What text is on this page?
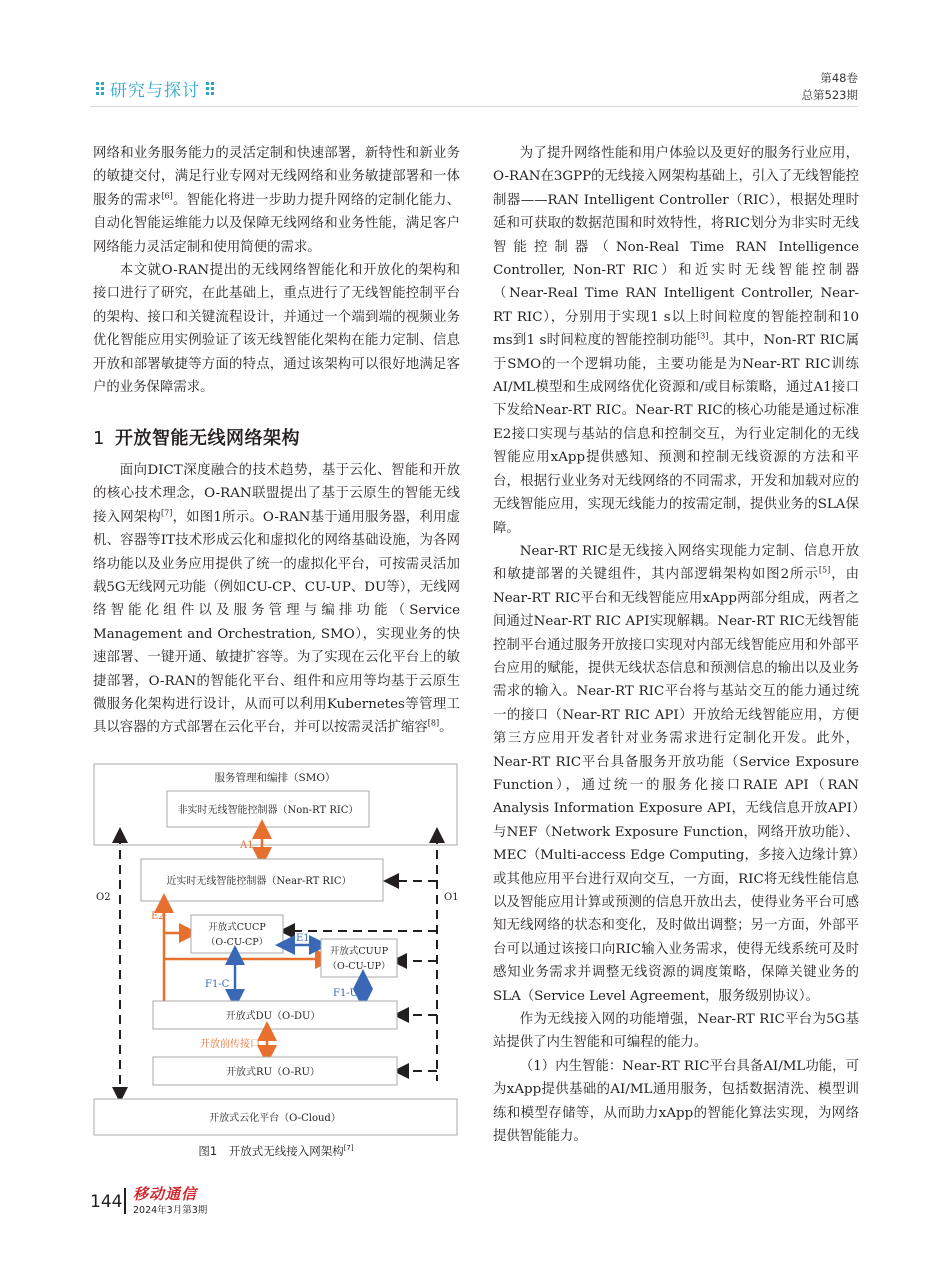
研究与探讨
第48卷
总第523期

网络和业务服务能力的灵活定制和快速部署，新特性和新业务的敏捷交付，满足行业专网对无线网络和业务敏捷部署和一体服务的需求[6]。智能化将进一步助力提升网络的定制化能力、自动化智能运维能力以及保障无线网络和业务性能，满足客户网络能力灵活定制和使用简便的需求。

本文就O-RAN提出的无线网络智能化和开放化的架构和接口进行了研究，在此基础上，重点进行了无线智能控制平台的架构、接口和关键流程设计，并通过一个端到端的视频业务优化智能应用实例验证了该无线智能化架构在能力定制、信息开放和部署敏捷等方面的特点，通过该架构可以很好地满足客户的业务保障需求。

1 开放智能无线网络架构

面向DICT深度融合的技术趋势，基于云化、智能和开放的核心技术理念，O-RAN联盟提出了基于云原生的智能无线接入网架构[7]，如图1所示。O-RAN基于通用服务器，利用虚机、容器等IT技术形成云化和虚拟化的网络基础设施，为各网络功能以及业务应用提供了统一的虚拟化平台，可按需灵活加载5G无线网元功能（例如CU-CP、CU-UP、DU等），无线网络智能化组件以及服务管理与编排功能（Service Management and Orchestration, SMO），实现业务的快速部署、一键开通、敏捷扩容等。为了实现在云化平台上的敏捷部署，O-RAN的智能化平台、组件和应用等均基于云原生微服务化架构进行设计，从而可以利用Kubernetes等管理工具以容器的方式部署在云化平台，并可以按需灵活扩缩容[8]。

服务管理和编排（SMO）
非实时无线智能控制器（Non-RT RIC）
A1
近实时无线智能控制器（Near-RT RIC）
O2	O1
E2
开放式CUCP
（O-CU-CP）	E1
开放式CUUP
（O-CU-UP）
F1-C
F1-U
开放式DU（O-DU）
开放前传接口
开放式RU（O-RU）
开放式云化平台（O-Cloud）
图1　开放式无线接入网架构[7]

为了提升网络性能和用户体验以及更好的服务行业应用，O-RAN在3GPP的无线接入网架构基础上，引入了无线智能控制器——RAN Intelligent Controller（RIC），根据处理时延和可获取的数据范围和时效特性，将RIC划分为非实时无线智能控制器（Non-Real Time RAN Intelligence Controller, Non-RT RIC）和近实时无线智能控制器（Near-Real Time RAN Intelligent Controller, Near-RT RIC），分别用于实现1 s以上时间粒度的智能控制和10 ms到1 s时间粒度的智能控制功能[3]。其中，Non-RT RIC属于SMO的一个逻辑功能，主要功能是为Near-RT RIC训练AI/ML模型和生成网络优化资源和/或目标策略，通过A1接口下发给Near-RT RIC。Near-RT RIC的核心功能是通过标准E2接口实现与基站的信息和控制交互，为行业定制化的无线智能应用xApp提供感知、预测和控制无线资源的方法和平台，根据行业业务对无线网络的不同需求，开发和加载对应的无线智能应用，实现无线能力的按需定制，提供业务的SLA保障。

Near-RT RIC是无线接入网络实现能力定制、信息开放和敏捷部署的关键组件，其内部逻辑架构如图2所示[5]，由Near-RT RIC平台和无线智能应用xApp两部分组成，两者之间通过Near-RT RIC API实现解耦。Near-RT RIC无线智能控制平台通过服务开放接口实现对内部无线智能应用和外部平台应用的赋能，提供无线状态信息和预测信息的输出以及业务需求的输入。Near-RT RIC平台将与基站交互的能力通过统一的接口（Near-RT RIC API）开放给无线智能应用，方便第三方应用开发者针对业务需求进行定制化开发。此外，Near-RT RIC平台具备服务开放功能（Service Exposure Function），通过统一的服务化接口RAIE API（RAN Analysis Information Exposure API，无线信息开放API）与NEF（Network Exposure Function，网络开放功能）、MEC（Multi-access Edge Computing，多接入边缘计算）或其他应用平台进行双向交互，一方面，RIC将无线性能信息以及智能应用计算或预测的信息开放出去，使得业务平台可感知无线网络的状态和变化，及时做出调整；另一方面，外部平台可以通过该接口向RIC输入业务需求，使得无线系统可及时感知业务需求并调整无线资源的调度策略，保障关键业务的SLA（Service Level Agreement，服务级别协议）。

作为无线接入网的功能增强，Near-RT RIC平台为5G基站提供了内生智能和可编程的能力。

（1）内生智能：Near-RT RIC平台具备AI/ML功能，可为xApp提供基础的AI/ML通用服务，包括数据清洗、模型训练和模型存储等，从而助力xApp的智能化算法实现，为网络提供智能能力。

144 移动通信
2024年3月第3期
